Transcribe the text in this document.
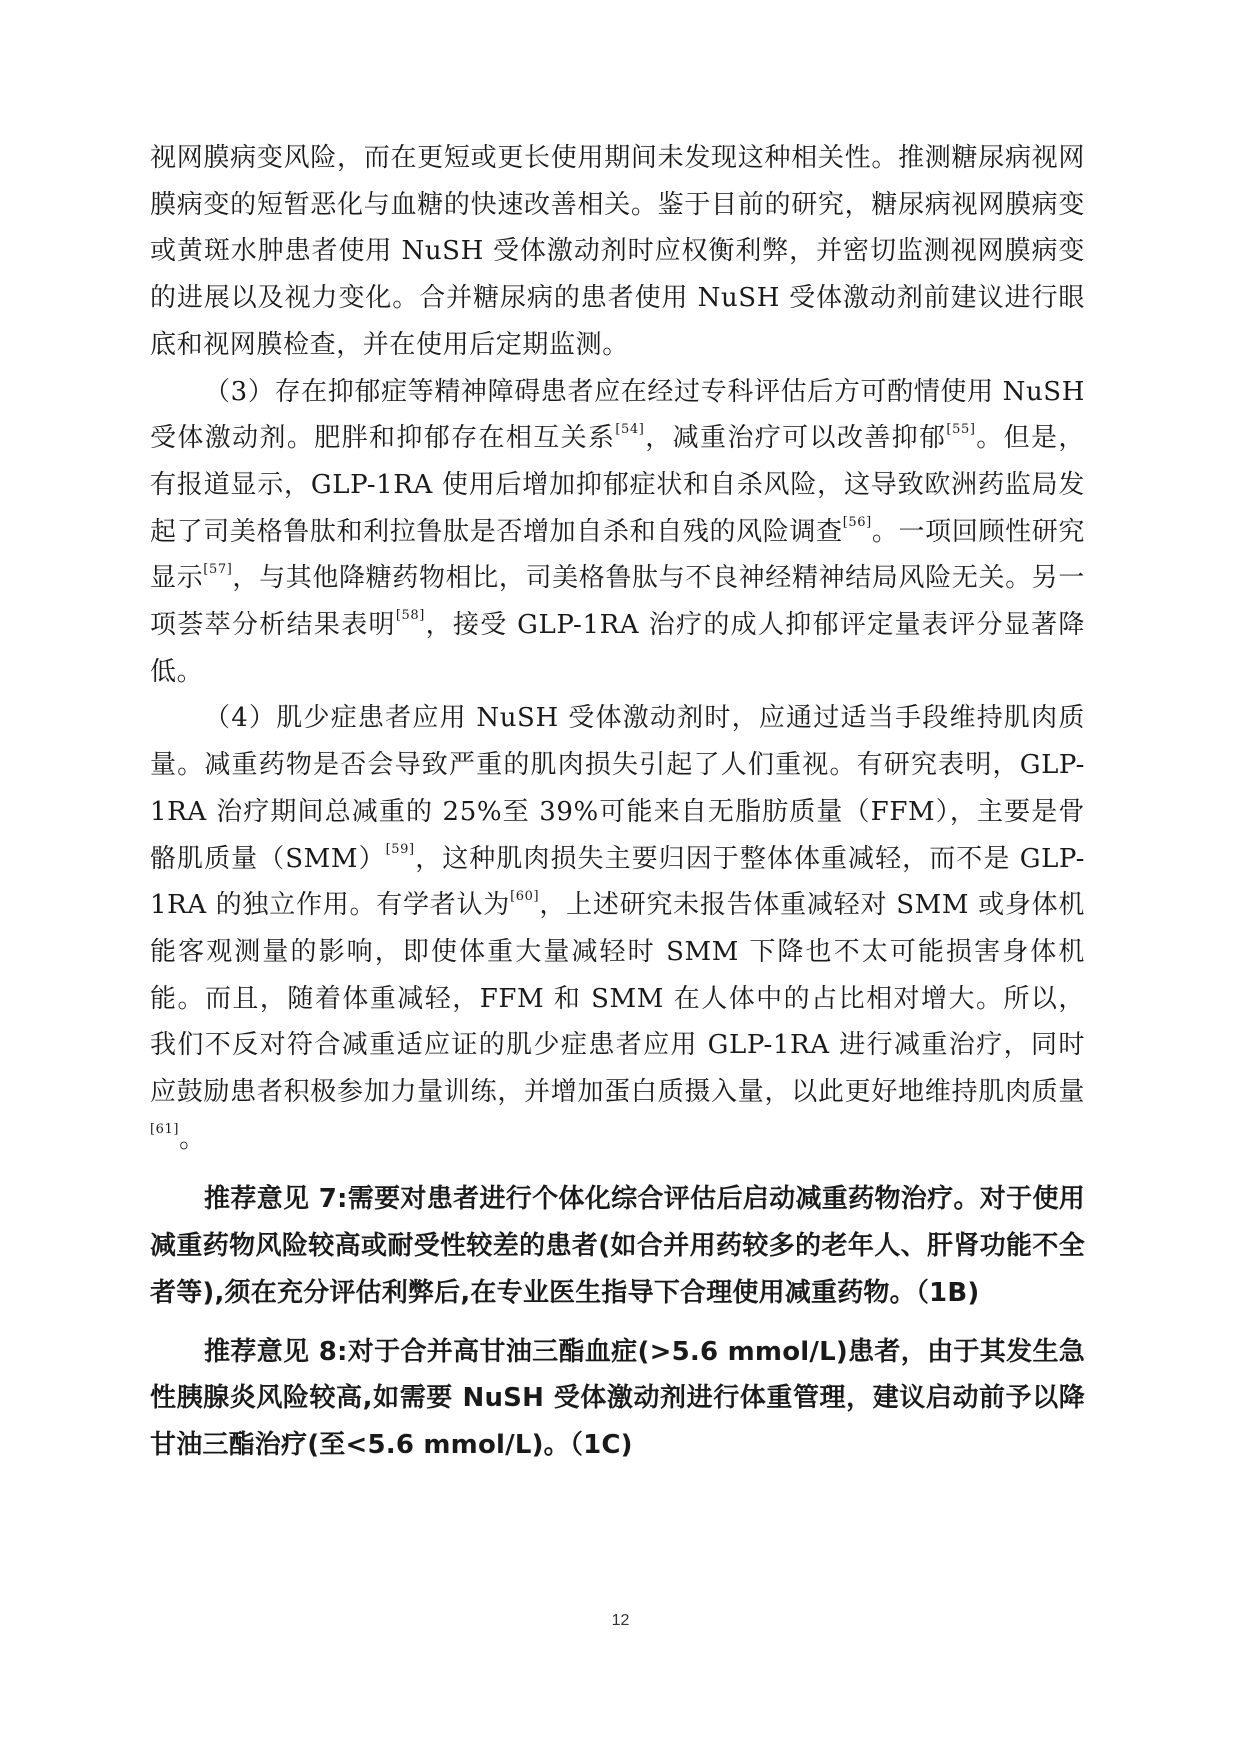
视网膜病变风险，而在更短或更长使用期间未发现这种相关性。推测糖尿病视网膜病变的短暂恶化与血糖的快速改善相关。鉴于目前的研究，糖尿病视网膜病变或黄斑水肿患者使用 NuSH 受体激动剂时应权衡利弊，并密切监测视网膜病变的进展以及视力变化。合并糖尿病的患者使用 NuSH 受体激动剂前建议进行眼底和视网膜检查，并在使用后定期监测。

（3）存在抑郁症等精神障碍患者应在经过专科评估后方可酌情使用 NuSH 受体激动剂。肥胖和抑郁存在相互关系[54]，减重治疗可以改善抑郁[55]。但是，有报道显示，GLP-1RA 使用后增加抑郁症状和自杀风险，这导致欧洲药监局发起了司美格鲁肽和利拉鲁肽是否增加自杀和自残的风险调查[56]。一项回顾性研究显示[57]，与其他降糖药物相比，司美格鲁肽与不良神经精神结局风险无关。另一项荟萃分析结果表明[58]，接受 GLP-1RA 治疗的成人抑郁评定量表评分显著降低。

（4）肌少症患者应用 NuSH 受体激动剂时，应通过适当手段维持肌肉质量。减重药物是否会导致严重的肌肉损失引起了人们重视。有研究表明，GLP-1RA 治疗期间总减重的 25%至 39%可能来自无脂肪质量（FFM），主要是骨骼肌质量（SMM）[59]，这种肌肉损失主要归因于整体体重减轻，而不是 GLP-1RA 的独立作用。有学者认为[60]，上述研究未报告体重减轻对 SMM 或身体机能客观测量的影响，即使体重大量减轻时 SMM 下降也不太可能损害身体机能。而且，随着体重减轻，FFM 和 SMM 在人体中的占比相对增大。所以，我们不反对符合减重适应证的肌少症患者应用 GLP-1RA 进行减重治疗，同时应鼓励患者积极参加力量训练，并增加蛋白质摄入量，以此更好地维持肌肉质量[61]。

推荐意见 7:需要对患者进行个体化综合评估后启动减重药物治疗。对于使用减重药物风险较高或耐受性较差的患者(如合并用药较多的老年人、肝肾功能不全者等),须在充分评估利弊后,在专业医生指导下合理使用减重药物。（1B)

推荐意见 8:对于合并高甘油三酯血症(>5.6 mmol/L)患者，由于其发生急性胰腺炎风险较高,如需要 NuSH 受体激动剂进行体重管理，建议启动前予以降甘油三酯治疗(至<5.6 mmol/L)。（1C)

12
